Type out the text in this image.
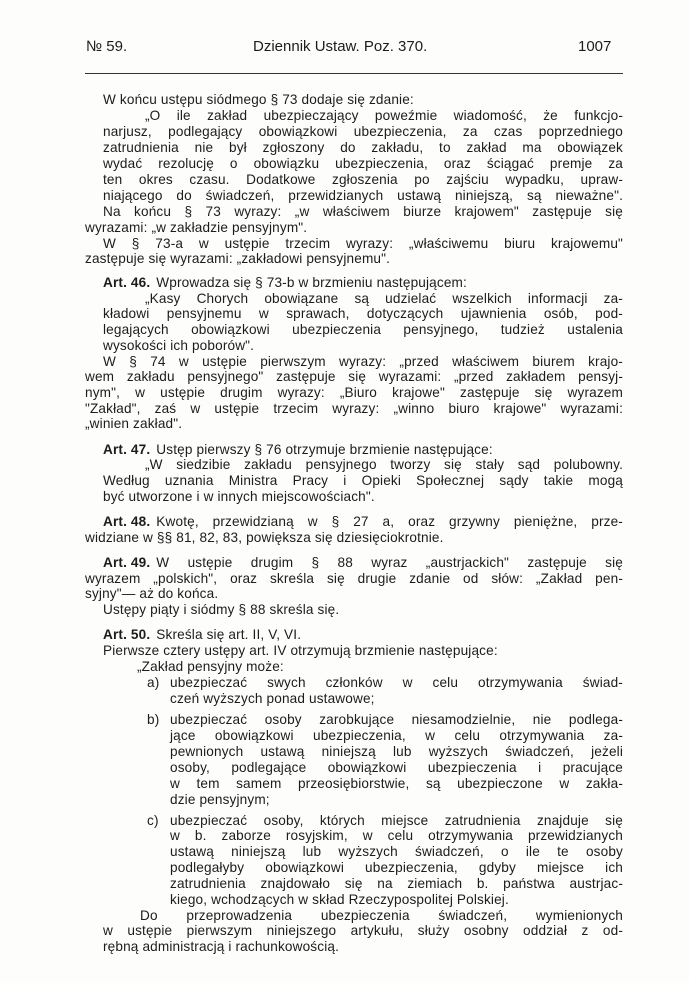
№ 59.	Dziennik Ustaw. Poz. 370.	1007
W końcu ustępu siódmego § 73 dodaje się zdanie:
„O ile zakład ubezpieczający poweźmie wiadomość, że funkcjo-
narjusz, podlegający obowiązkowi ubezpieczenia, za czas poprzedniego
zatrudnienia nie był zgłoszony do zakładu, to zakład ma obowiązek
wydać rezolucję o obowiązku ubezpieczenia, oraz ściągać premje za
ten okres czasu. Dodatkowe zgłoszenia po zajściu wypadku, upraw-
niającego do świadczeń, przewidzianych ustawą niniejszą, są nieważne".
Na końcu § 73 wyrazy: „w właściwem biurze krajowem" zastępuje się
wyrazami: „w zakładzie pensyjnym".
W § 73-a w ustępie trzecim wyrazy: „właściwemu biuru krajowemu"
zastępuje się wyrazami: „zakładowi pensyjnemu".
Art. 46. Wprowadza się § 73-b w brzmieniu następującem:
„Kasy Chorych obowiązane są udzielać wszelkich informacji za-
kładowi pensyjnemu w sprawach, dotyczących ujawnienia osób, pod-
legających obowiązkowi ubezpieczenia pensyjnego, tudzież ustalenia
wysokości ich poborów".
W § 74 w ustępie pierwszym wyrazy: „przed właściwem biurem krajo-
wem zakładu pensyjnego" zastępuje się wyrazami: „przed zakładem pensyj-
nym", w ustępie drugim wyrazy: „Biuro krajowe" zastępuje się wyrazem
"Zakład", zaś w ustępie trzecim wyrazy: „winno biuro krajowe" wyrazami:
„winien zakład".
Art. 47. Ustęp pierwszy § 76 otrzymuje brzmienie następujące:
„W siedzibie zakładu pensyjnego tworzy się stały sąd polubowny.
Według uznania Ministra Pracy i Opieki Społecznej sądy takie mogą
być utworzone i w innych miejscowościach".
Art. 48. Kwotę, przewidzianą w § 27 a, oraz grzywny pieniężne, prze-
widziane w §§ 81, 82, 83, powiększa się dziesięciokrotnie.
Art. 49. W ustępie drugim § 88 wyraz „austrjackich" zastępuje się
wyrazem „polskich", oraz skreśla się drugie zdanie od słów: „Zakład pen-
syjny"— aż do końca.
Ustępy piąty i siódmy § 88 skreśla się.
Art. 50. Skreśla się art. II, V, VI.
Pierwsze cztery ustępy art. IV otrzymują brzmienie następujące:
„Zakład pensyjny może:
a) ubezpieczać swych członków w celu otrzymywania świad-
czeń wyższych ponad ustawowe;
b) ubezpieczać osoby zarobkujące niesamodzielnie, nie podlega-
jące obowiązkowi ubezpieczenia, w celu otrzymywania za-
pewnionych ustawą niniejszą lub wyższych świadczeń, jeżeli
osoby, podlegające obowiązkowi ubezpieczenia i pracujące
w tem samem przeosiębiorstwie, są ubezpieczone w zakła-
dzie pensyjnym;
c) ubezpieczać osoby, których miejsce zatrudnienia znajduje się
w b. zaborze rosyjskim, w celu otrzymywania przewidzianych
ustawą niniejszą lub wyższych świadczeń, o ile te osoby
podlegałyby obowiązkowi ubezpieczenia, gdyby miejsce ich
zatrudnienia znajdowało się na ziemiach b. państwa austrjac-
kiego, wchodzących w skład Rzeczypospolitej Polskiej.
Do przeprowadzenia ubezpieczenia świadczeń, wymienionych
w ustępie pierwszym niniejszego artykułu, służy osobny oddział z od-
rębną administracją i rachunkowością.
